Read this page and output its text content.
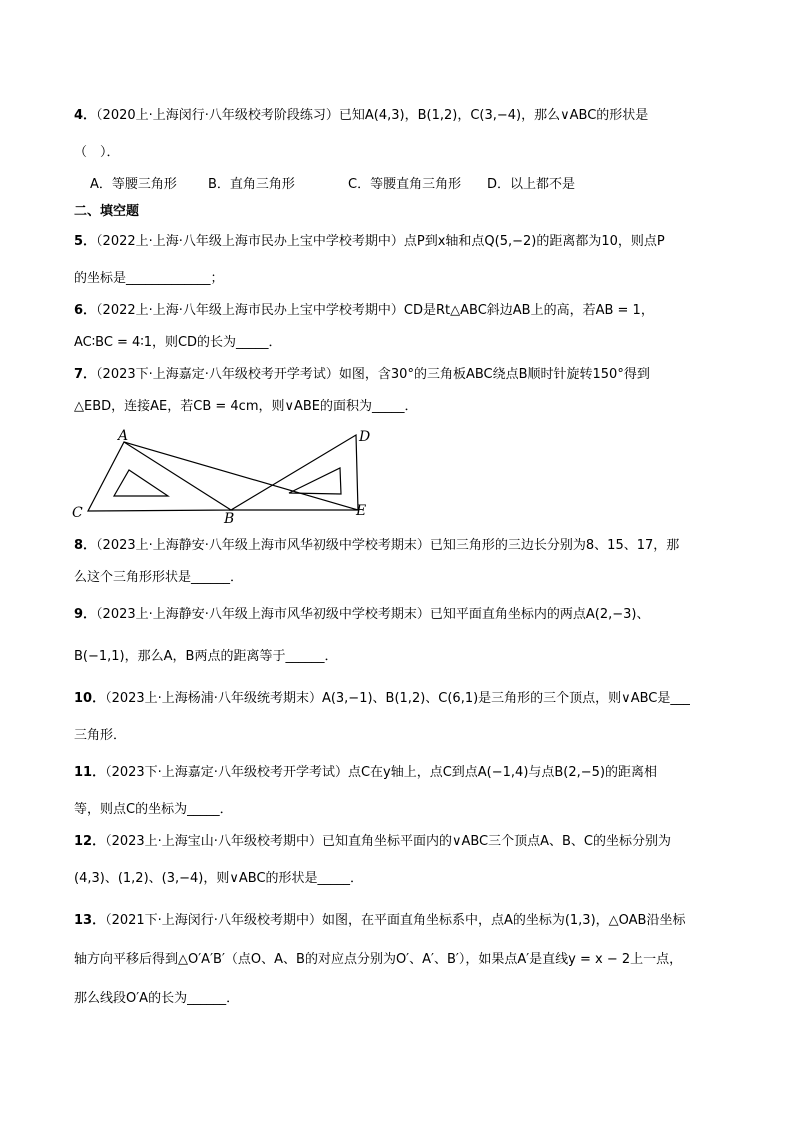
4．（2020上·上海闵行·八年级校考阶段练习）已知A(4,3)，B(1,2)，C(3,−4)，那么∨ABC的形状是
（　）．
A．等腰三角形 B．直角三角形	C．等腰直角三角形 D．以上都不是
二、填空题
5．（2022上·上海·八年级上海市民办上宝中学校考期中）点P到x轴和点Q(5,−2)的距离都为10，则点P
的坐标是_____________；
6．（2022上·上海·八年级上海市民办上宝中学校考期中）CD是Rt△ABC斜边AB上的高，若AB = 1，
AC∶BC = 4∶1，则CD的长为_____．
7．（2023下·上海嘉定·八年级校考开学考试）如图，含30°的三角板ABC绕点B顺时针旋转150°得到
△EBD，连接AE，若CB = 4cm，则∨ABE的面积为_____．
A
C	B
D
E
8．（2023上·上海静安·八年级上海市风华初级中学校考期末）已知三角形的三边长分别为8、15、17，那
么这个三角形形状是______．
9．（2023上·上海静安·八年级上海市风华初级中学校考期末）已知平面直角坐标内的两点A(2,−3)、
B(−1,1)，那么A，B两点的距离等于______．
10．（2023上·上海杨浦·八年级统考期末）A(3,−1)、B(1,2)、C(6,1)是三角形的三个顶点，则∨ABC是___
三角形．
11．（2023下·上海嘉定·八年级校考开学考试）点C在y轴上，点C到点A(−1,4)与点B(2,−5)的距离相
等，则点C的坐标为_____．
12．（2023上·上海宝山·八年级校考期中）已知直角坐标平面内的∨ABC三个顶点A、B、C的坐标分别为
(4,3)、(1,2)、(3,−4)，则∨ABC的形状是_____．
13．（2021下·上海闵行·八年级校考期中）如图，在平面直角坐标系中，点A的坐标为(1,3)，△OAB沿坐标
轴方向平移后得到△O′A′B′（点O、A、B的对应点分别为O′、A′、B′），如果点A′是直线y = x − 2上一点，
那么线段O′A的长为______．
